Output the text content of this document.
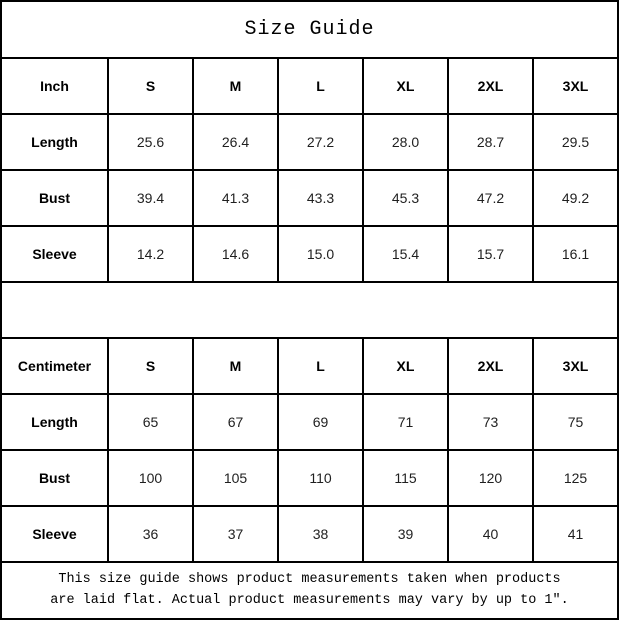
Size Guide						
Inch	S	M	L	XL	2XL	3XL
Length	25.6	26.4	27.2	28.0	28.7	29.5
Bust	39.4	41.3	43.3	45.3	47.2	49.2
Sleeve	14.2	14.6	15.0	15.4	15.7	16.1

Centimeter	S	M	L	XL	2XL	3XL
Length	65	67	69	71	73	75
Bust	100	105	110	115	120	125
Sleeve	36	37	38	39	40	41

This size guide shows product measurements taken when products are laid flat. Actual product measurements may vary by up to 1″.						
